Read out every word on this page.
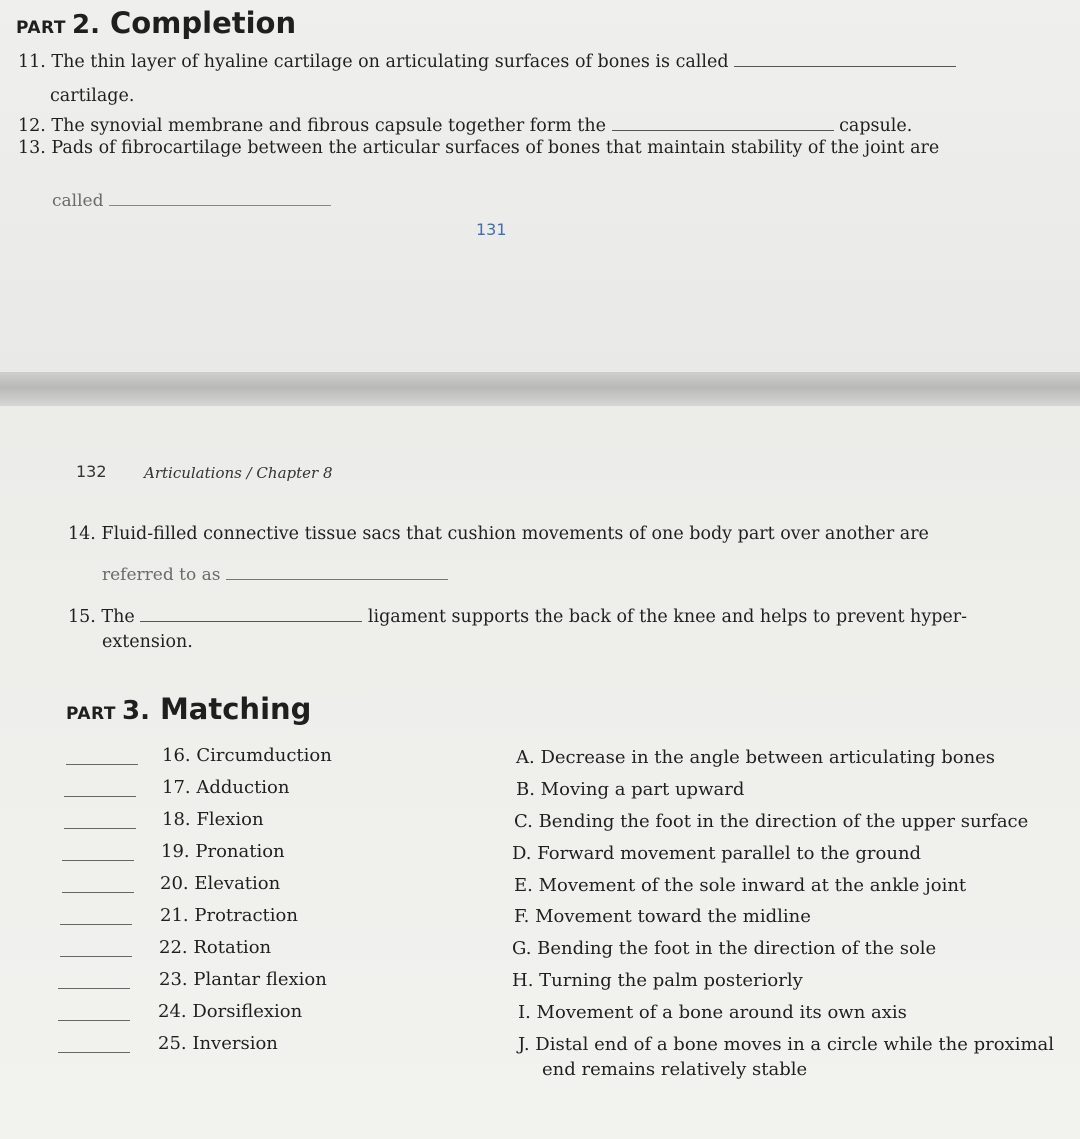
PART 2. Completion
11. The thin layer of hyaline cartilage on articulating surfaces of bones is called
cartilage.
12. The synovial membrane and fibrous capsule together form the	capsule.
13. Pads of fibrocartilage between the articular surfaces of bones that maintain stability of the joint are
called
131
132 Articulations / Chapter 8
14. Fluid-filled connective tissue sacs that cushion movements of one body part over another are
referred to as
15. The	ligament supports the back of the knee and helps to prevent hyper-
extension.
PART 3. Matching
16. Circumduction
17. Adduction
18. Flexion
19. Pronation
20. Elevation
21. Protraction
22. Rotation
23. Plantar flexion
24. Dorsiflexion
25. Inversion
A. Decrease in the angle between articulating bones
B. Moving a part upward
C. Bending the foot in the direction of the upper surface
D. Forward movement parallel to the ground
E. Movement of the sole inward at the ankle joint
F. Movement toward the midline
G. Bending the foot in the direction of the sole
H. Turning the palm posteriorly
I. Movement of a bone around its own axis
J. Distal end of a bone moves in a circle while the proximal
end remains relatively stable
